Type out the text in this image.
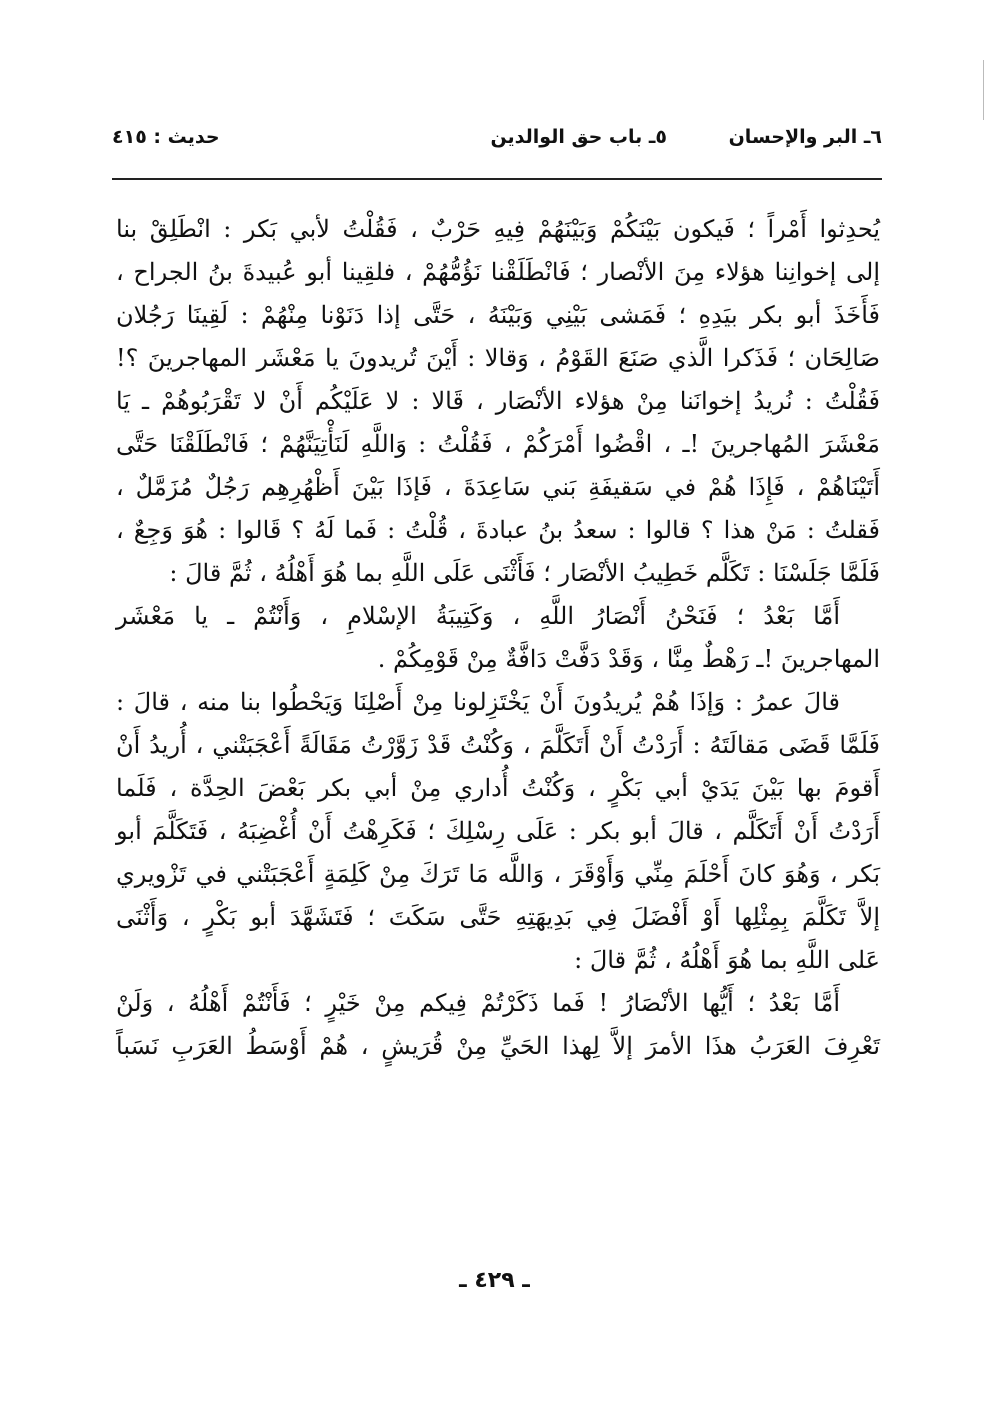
٦ـ البر والإحسان
٥ـ باب حق الوالدين
حديث : ٤١٥
يُحدِثوا أَمْراً ؛ فَيكون بَيْنَكُمْ وَبَيْنَهُمْ فِيهِ حَرْبٌ ، فَقُلْتُ لأبي بَكر : انْطَلِقْ بنا
إلى إخوانِنا هؤلاء مِنَ الأنْصار ؛ فَانْطَلَقْنا نَؤُمُّهُمْ ، فلقِينا أبو عُبيدةَ بنُ الجراح ،
فَأَخَذَ أبو بكر بيَدِهِ ؛ فَمَشى بَيْنِي وَبَيْنَهُ ، حَتَّى إذا دَنَوْنا مِنْهُمْ : لَقِينَا رَجُلان
صَالِحَان ؛ فَذَكرا الَّذي صَنَعَ القَوْمُ ، وَقالا : أَيْنَ تُريدونَ يا مَعْشَر المهاجرينَ ؟!
فَقُلْتُ : نُريدُ إخوانَنا مِنْ هؤلاء الأنْصَار ، قَالا : لا عَلَيْكُم أَنْ لا تَقْرَبُوهُمْ ـ يَا
مَعْشَرَ المُهاجرينَ !ـ ، اقْضُوا أَمْرَكُمْ ، فَقُلْتُ : وَاللَّهِ لَنَأْتِيَنَّهُمْ ؛ فَانْطَلَقْنَا حَتَّى
أَتَيْنَاهُمْ ، فَإِذَا هُمْ في سَقيفَةِ بَني سَاعِدَةَ ، فَإذَا بَيْنَ أَظْهُرِهِم رَجُلٌ مُزَمَّلٌ ،
فَقلتُ : مَنْ هذا ؟ قالوا : سعدُ بنُ عبادةَ ، قُلْتُ : فَما لَهُ ؟ قَالوا : هُوَ وَجِعٌ ،
فَلَمَّا جَلَسْنَا : تَكَلَّم خَطِيبُ الأنْصَار ؛ فَأَثْنَى عَلَى اللَّهِ بما هُوَ أَهْلُهُ ، ثُمَّ قالَ :
أَمَّا بَعْدُ ؛ فَنَحْنُ أَنْصَارُ اللَّهِ ، وَكَتِيبَةُ الإسْلامِ ، وَأَنْتُمْ ـ يا مَعْشَر
المهاجرينَ !ـ رَهْطٌ مِنَّا ، وَقَدْ دَفَّتْ دَافَّةٌ مِنْ قَوْمِكُمْ .
قالَ عمرُ : وَإذَا هُمْ يُريدُونَ أَنْ يَخْتَزِلونا مِنْ أَصْلِنَا وَيَحْطُوا بنا منه ، قالَ :
فَلَمَّا قَضَى مَقالَتَهُ : أَرَدْتُ أَنْ أَتَكَلَّمَ ، وَكُنْتُ قَدْ زَوَّرْتُ مَقَالَةً أَعْجَبَتْني ، أُريدُ أَنْ
أَقومَ بها بَيْنَ يَدَيْ أبي بَكْرٍ ، وَكُنْتُ أُداري مِنْ أبي بكر بَعْضَ الحِدَّة ، فَلَما
أَرَدْتُ أَنْ أَتَكَلَّم ، قالَ أبو بكر : عَلَى رِسْلِكَ ؛ فَكَرِهْتُ أَنْ أُغْضِبَهُ ، فَتَكَلَّمَ أبو
بَكر ، وَهُوَ كانَ أَحْلَمَ مِنِّي وَأَوْقَرَ ، وَاللَّه مَا تَرَكَ مِنْ كَلِمَةٍ أَعْجَبَتْني في تَزْويري
إلاَّ تَكَلَّمَ بِمِثْلِها أَوْ أَفْضَلَ فِي بَدِيهَتِهِ حَتَّى سَكَتَ ؛ فَتَشَهَّدَ أبو بَكْرٍ ، وَأَثْنَى
عَلى اللَّهِ بما هُوَ أَهْلُهُ ، ثُمَّ قالَ :
أَمَّا بَعْدُ ؛ أَيُّها الأنْصَارُ ! فَما ذَكَرْتُمْ فِيكم مِنْ خَيْرٍ ؛ فَأَنْتُمْ أَهْلُهُ ، وَلَنْ
تَعْرِفَ العَرَبُ هذَا الأمرَ إلاَّ لِهذا الحَيِّ مِنْ قُرَيشٍ ، هُمْ أَوْسَطُ العَرَبِ نَسَباً
ـ ٤٢٩ ـ
